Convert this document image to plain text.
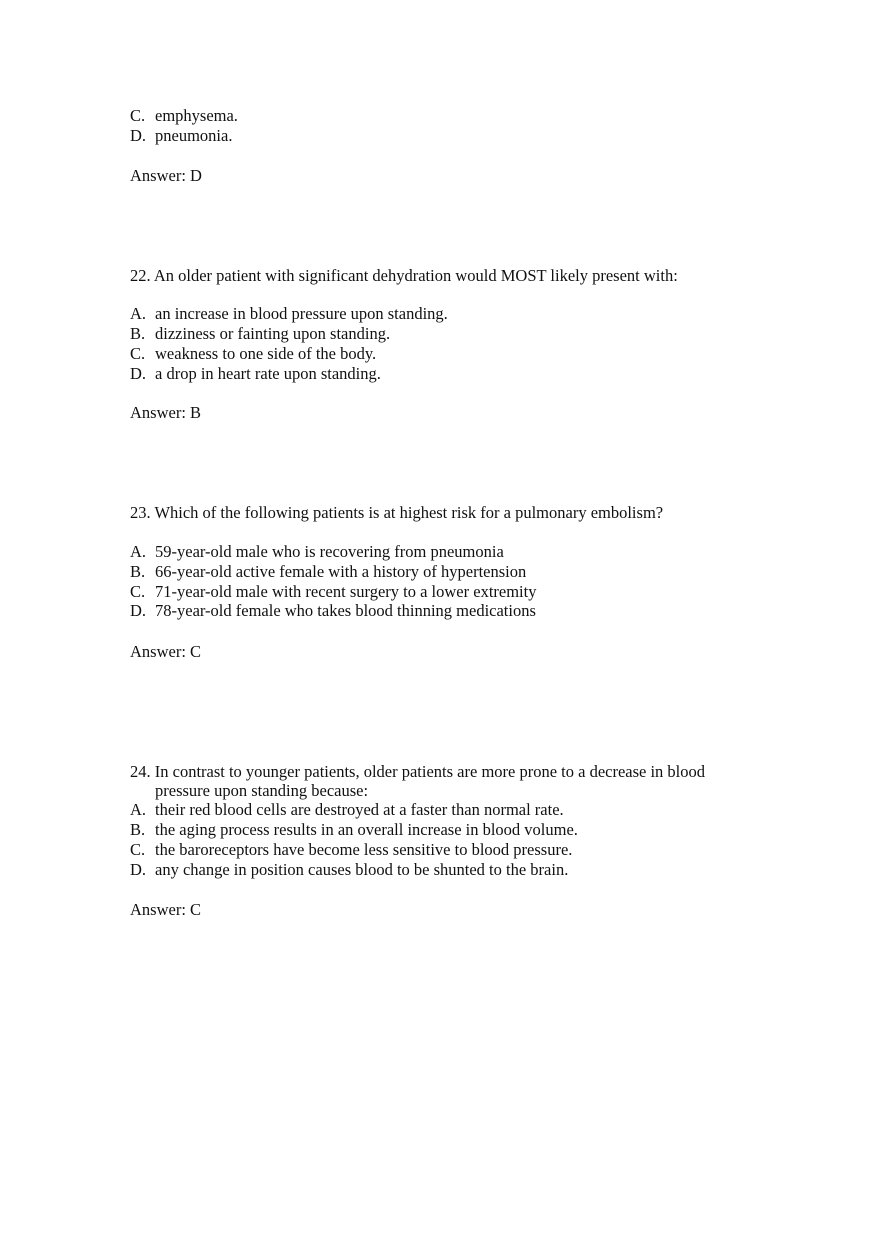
C. emphysema.
D. pneumonia.
Answer: D
22. An older patient with significant dehydration would MOST likely present with:
A. an increase in blood pressure upon standing.
B. dizziness or fainting upon standing.
C. weakness to one side of the body.
D. a drop in heart rate upon standing.
Answer: B
23. Which of the following patients is at highest risk for a pulmonary embolism?
A. 59-year-old male who is recovering from pneumonia
B. 66-year-old active female with a history of hypertension
C. 71-year-old male with recent surgery to a lower extremity
D. 78-year-old female who takes blood thinning medications
Answer: C
24. In contrast to younger patients, older patients are more prone to a decrease in blood
pressure upon standing because:
A. their red blood cells are destroyed at a faster than normal rate.
B. the aging process results in an overall increase in blood volume.
C. the baroreceptors have become less sensitive to blood pressure.
D. any change in position causes blood to be shunted to the brain.
Answer: C
